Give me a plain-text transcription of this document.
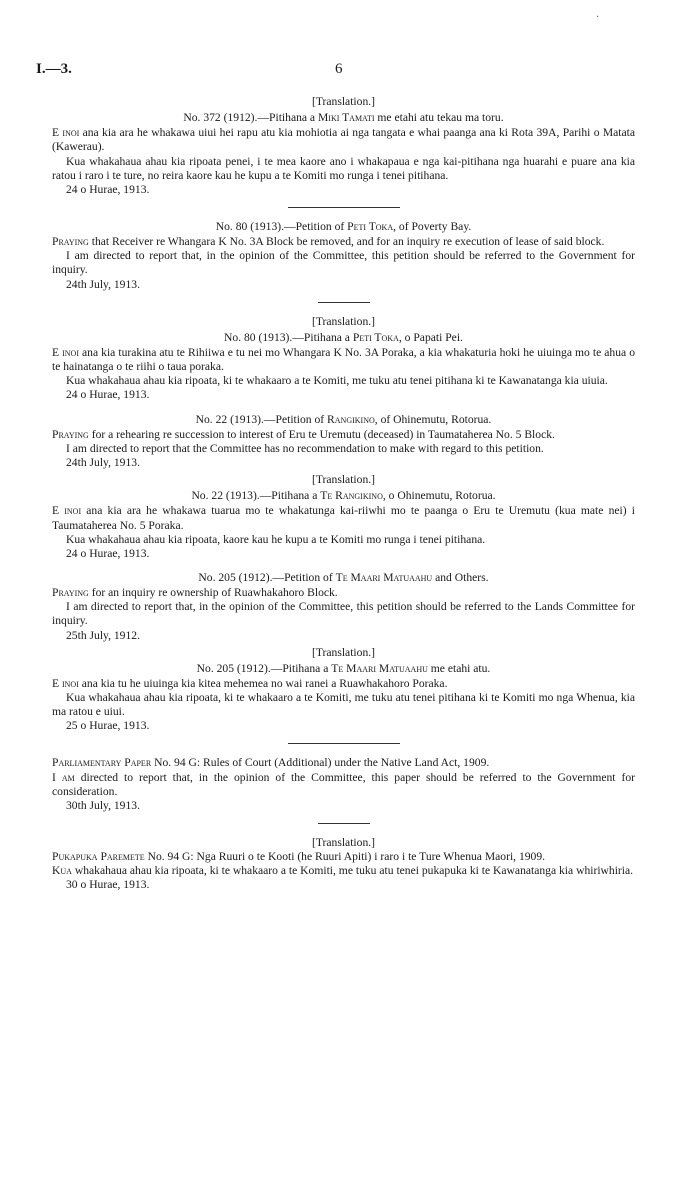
·
I.—3.	6
[Translation.]
No. 372 (1912).—Pitihana a Miki Tamati me etahi atu tekau ma toru.

E inoi ana kia ara he whakawa uiui hei rapu atu kia mohiotia ai nga tangata e whai paanga ana ki Rota 39A, Parihi o Matata (Kawerau).

Kua whakahaua ahau kia ripoata penei, i te mea kaore ano i whakapaua e nga kai-pitihana nga huarahi e puare ana kia ratou i raro i te ture, no reira kaore kau he kupu a te Komiti mo runga i tenei pitihana.

24 o Hurae, 1913.
No. 80 (1913).—Petition of Peti Toka, of Poverty Bay.

Praying that Receiver re Whangara K No. 3A Block be removed, and for an inquiry re execution of lease of said block.

I am directed to report that, in the opinion of the Committee, this petition should be referred to the Government for inquiry.

24th July, 1913.
[Translation.]
No. 80 (1913).—Pitihana a Peti Toka, o Papati Pei.

E inoi ana kia turakina atu te Rihiiwa e tu nei mo Whangara K No. 3A Poraka, a kia whakaturia hoki he uiuinga mo te ahua o te hainatanga o te riihi o taua poraka.

Kua whakahaua ahau kia ripoata, ki te whakaaro a te Komiti, me tuku atu tenei pitihana ki te Kawanatanga kia uiuia.

24 o Hurae, 1913.
No. 22 (1913).—Petition of Rangikino, of Ohinemutu, Rotorua.

Praying for a rehearing re succession to interest of Eru te Uremutu (deceased) in Taumataherea No. 5 Block.

I am directed to report that the Committee has no recommendation to make with regard to this petition.

24th July, 1913.
[Translation.]
No. 22 (1913).—Pitihana a Te Rangikino, o Ohinemutu, Rotorua.

E inoi ana kia ara he whakawa tuarua mo te whakatunga kai-riiwhi mo te paanga o Eru te Uremutu (kua mate nei) i Taumataherea No. 5 Poraka.

Kua whakahaua ahau kia ripoata, kaore kau he kupu a te Komiti mo runga i tenei pitihana.

24 o Hurae, 1913.
No. 205 (1912).—Petition of Te Maari Matuaahu and Others.

Praying for an inquiry re ownership of Ruawhakahoro Block.

I am directed to report that, in the opinion of the Committee, this petition should be referred to the Lands Committee for inquiry.

25th July, 1912.
[Translation.]
No. 205 (1912).—Pitihana a Te Maari Matuaahu me etahi atu.

E inoi ana kia tu he uiuinga kia kitea mehemea no wai ranei a Ruawhakahoro Poraka.

Kua whakahaua ahau kia ripoata, ki te whakaaro a te Komiti, me tuku atu tenei pitihana ki te Komiti mo nga Whenua, kia ma ratou e uiui.

25 o Hurae, 1913.

Parliamentary Paper No. 94 G: Rules of Court (Additional) under the Native Land Act, 1909.

I am directed to report that, in the opinion of the Committee, this paper should be referred to the Government for consideration.

30th July, 1913.
[Translation.]

Pukapuka Paremete No. 94 G: Nga Ruuri o te Kooti (he Ruuri Apiti) i raro i te Ture Whenua Maori, 1909.

Kua whakahaua ahau kia ripoata, ki te whakaaro a te Komiti, me tuku atu tenei pukapuka ki te Kawanatanga kia whiriwhiria.

30 o Hurae, 1913.
